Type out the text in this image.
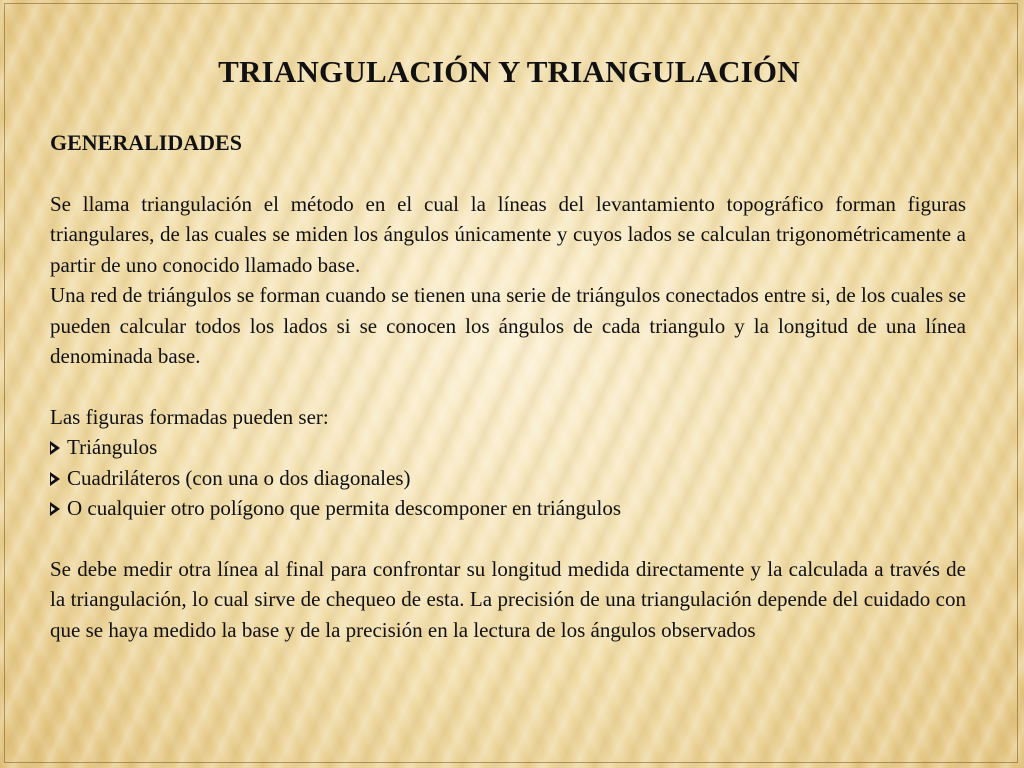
TRIANGULACIÓN Y TRIANGULACIÓN

GENERALIDADES

Se llama triangulación el método en el cual la líneas del levantamiento topográfico forman figuras triangulares, de las cuales se miden los ángulos únicamente y cuyos lados se calculan trigonométricamente a partir de uno conocido llamado base.

Una red de triángulos se forman cuando se tienen una serie de triángulos conectados entre si, de los cuales se pueden calcular todos los lados si se conocen los ángulos de cada triangulo y la longitud de una línea denominada base.

Las figuras formadas pueden ser:

Triángulos
Cuadriláteros (con una o dos diagonales)
O cualquier otro polígono que permita descomponer en triángulos

Se debe medir otra línea al final para confrontar su longitud medida directamente y la calculada a través de la triangulación, lo cual sirve de chequeo de esta. La precisión de una triangulación depende del cuidado con que se haya medido la base y de la precisión en la lectura de los ángulos observados
